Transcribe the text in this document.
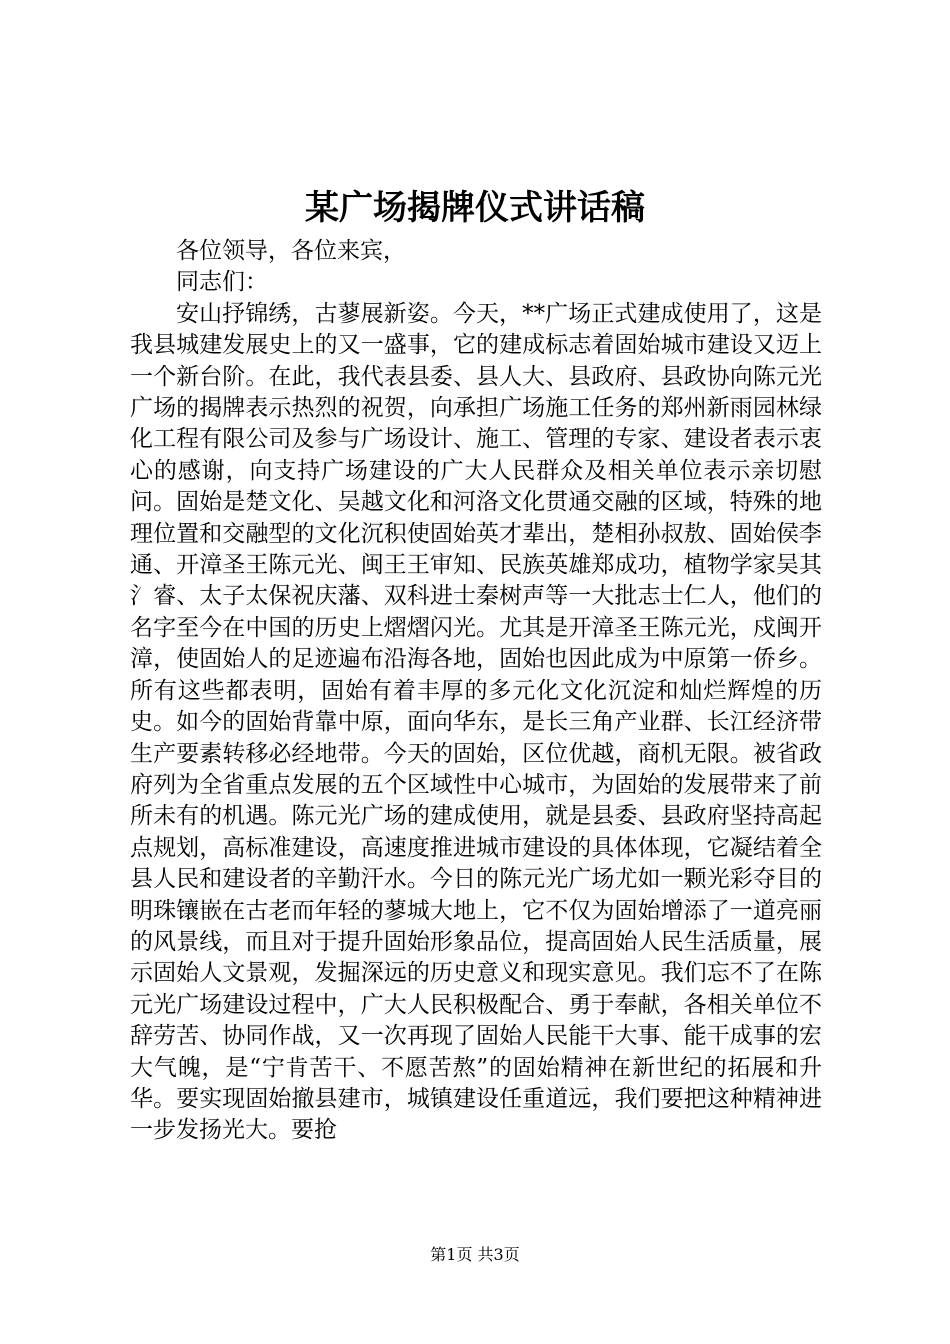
某广场揭牌仪式讲话稿

各位领导，各位来宾，

同志们：

安山抒锦绣，古蓼展新姿。今天，**广场正式建成使用了，这是我县城建发展史上的又一盛事，它的建成标志着固始城市建设又迈上一个新台阶。在此，我代表县委、县人大、县政府、县政协向陈元光广场的揭牌表示热烈的祝贺，向承担广场施工任务的郑州新雨园林绿化工程有限公司及参与广场设计、施工、管理的专家、建设者表示衷心的感谢，向支持广场建设的广大人民群众及相关单位表示亲切慰问。固始是楚文化、吴越文化和河洛文化贯通交融的区域，特殊的地理位置和交融型的文化沉积使固始英才辈出，楚相孙叔敖、固始侯李通、开漳圣王陈元光、闽王王审知、民族英雄郑成功，植物学家吴其氵睿、太子太保祝庆藩、双科进士秦树声等一大批志士仁人，他们的名字至今在中国的历史上熠熠闪光。尤其是开漳圣王陈元光，戍闽开漳，使固始人的足迹遍布沿海各地，固始也因此成为中原第一侨乡。所有这些都表明，固始有着丰厚的多元化文化沉淀和灿烂辉煌的历史。如今的固始背靠中原，面向华东，是长三角产业群、长江经济带生产要素转移必经地带。今天的固始，区位优越，商机无限。被省政府列为全省重点发展的五个区域性中心城市，为固始的发展带来了前所未有的机遇。陈元光广场的建成使用，就是县委、县政府坚持高起点规划，高标准建设，高速度推进城市建设的具体体现，它凝结着全县人民和建设者的辛勤汗水。今日的陈元光广场尤如一颗光彩夺目的明珠镶嵌在古老而年轻的蓼城大地上，它不仅为固始增添了一道亮丽的风景线，而且对于提升固始形象品位，提高固始人民生活质量，展示固始人文景观，发掘深远的历史意义和现实意见。我们忘不了在陈元光广场建设过程中，广大人民积极配合、勇于奉献，各相关单位不辞劳苦、协同作战，又一次再现了固始人民能干大事、能干成事的宏大气魄，是“宁肯苦干、不愿苦熬”的固始精神在新世纪的拓展和升华。要实现固始撤县建市，城镇建设任重道远，我们要把这种精神进一步发扬光大。要抢

第1页 共3页
